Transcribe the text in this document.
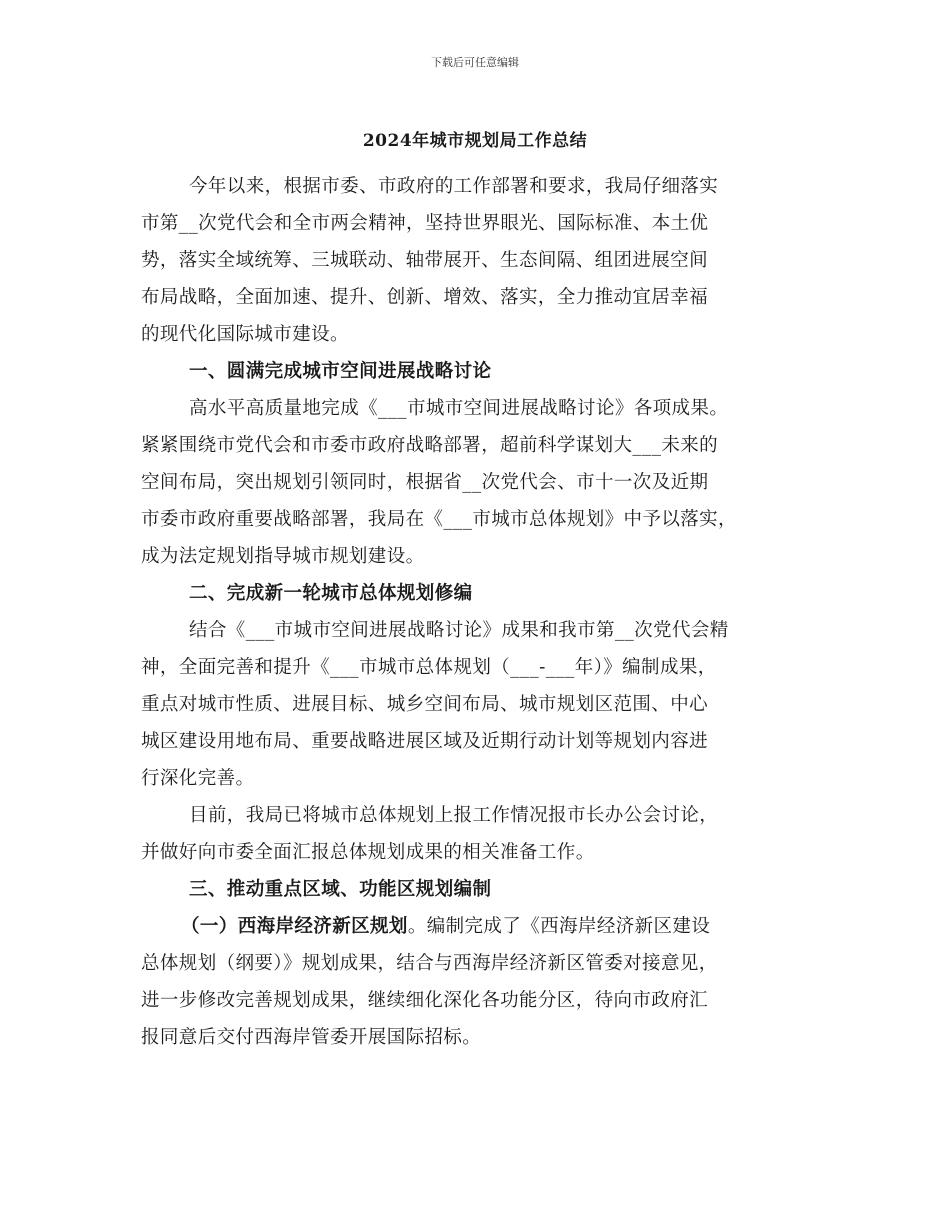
下载后可任意编辑
2024年城市规划局工作总结
今年以来，根据市委、市政府的工作部署和要求，我局仔细落实
市第__次党代会和全市两会精神，坚持世界眼光、国际标准、本土优
势，落实全域统筹、三城联动、轴带展开、生态间隔、组团进展空间
布局战略，全面加速、提升、创新、增效、落实，全力推动宜居幸福
的现代化国际城市建设。
一、圆满完成城市空间进展战略讨论
高水平高质量地完成《___市城市空间进展战略讨论》各项成果。
紧紧围绕市党代会和市委市政府战略部署，超前科学谋划大___未来的
空间布局，突出规划引领同时，根据省__次党代会、市十一次及近期
市委市政府重要战略部署，我局在《___市城市总体规划》中予以落实，
成为法定规划指导城市规划建设。
二、完成新一轮城市总体规划修编
结合《___市城市空间进展战略讨论》成果和我市第__次党代会精
神，全面完善和提升《___市城市总体规划（___-___年）》编制成果，
重点对城市性质、进展目标、城乡空间布局、城市规划区范围、中心
城区建设用地布局、重要战略进展区域及近期行动计划等规划内容进
行深化完善。
目前，我局已将城市总体规划上报工作情况报市长办公会讨论，
并做好向市委全面汇报总体规划成果的相关准备工作。
三、推动重点区域、功能区规划编制
（一）西海岸经济新区规划。编制完成了《西海岸经济新区建设
总体规划（纲要）》规划成果，结合与西海岸经济新区管委对接意见，
进一步修改完善规划成果，继续细化深化各功能分区，待向市政府汇
报同意后交付西海岸管委开展国际招标。
